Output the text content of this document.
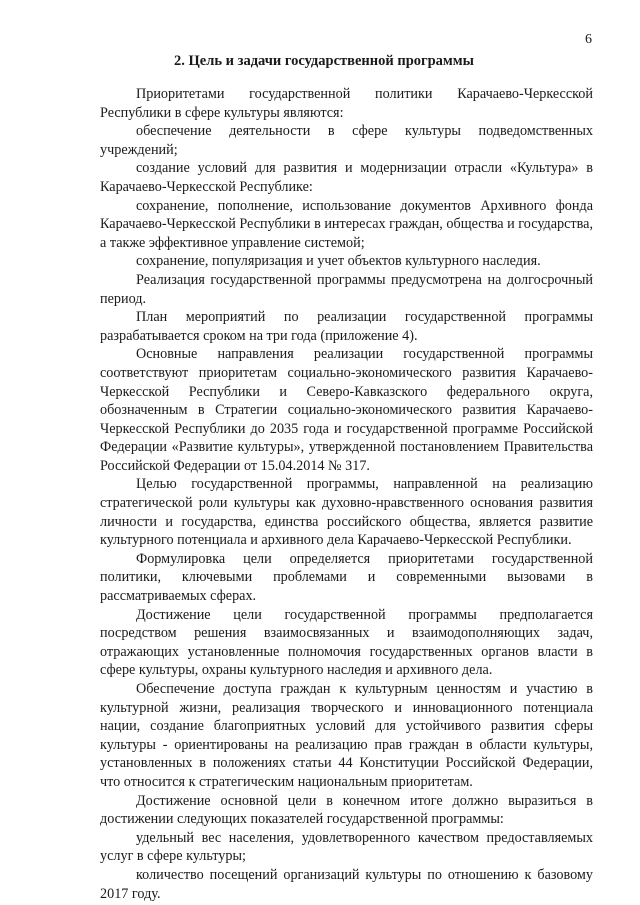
6
2. Цель и задачи государственной программы

Приоритетами государственной политики Карачаево-Черкесской Республики в сфере культуры являются:

обеспечение деятельности в сфере культуры подведомственных учреждений;

создание условий для развития и модернизации отрасли «Культура» в Карачаево-Черкесской Республике:

сохранение, пополнение, использование документов Архивного фонда Карачаево-Черкесской Республики в интересах граждан, общества и государства, а также эффективное управление системой;

сохранение, популяризация и учет объектов культурного наследия.

Реализация государственной программы предусмотрена на долгосрочный период.

План мероприятий по реализации государственной программы разрабатывается сроком на три года (приложение 4).

Основные направления реализации государственной программы соответствуют приоритетам социально-экономического развития Карачаево-Черкесской Республики и Северо-Кавказского федерального округа, обозначенным в Стратегии социально-экономического развития Карачаево-Черкесской Республики до 2035 года и государственной программе Российской Федерации «Развитие культуры», утвержденной постановлением Правительства Российской Федерации от 15.04.2014 № 317.

Целью государственной программы, направленной на реализацию стратегической роли культуры как духовно-нравственного основания развития личности и государства, единства российского общества, является развитие культурного потенциала и архивного дела Карачаево-Черкесской Республики.

Формулировка цели определяется приоритетами государственной политики, ключевыми проблемами и современными вызовами в рассматриваемых сферах.

Достижение цели государственной программы предполагается посредством решения взаимосвязанных и взаимодополняющих задач, отражающих установленные полномочия государственных органов власти в сфере культуры, охраны культурного наследия и архивного дела.

Обеспечение доступа граждан к культурным ценностям и участию в культурной жизни, реализация творческого и инновационного потенциала нации, создание благоприятных условий для устойчивого развития сферы культуры - ориентированы на реализацию прав граждан в области культуры, установленных в положениях статьи 44 Конституции Российской Федерации, что относится к стратегическим национальным приоритетам.

Достижение основной цели в конечном итоге должно выразиться в достижении следующих показателей государственной программы:

удельный вес населения, удовлетворенного качеством предоставляемых услуг в сфере культуры;

количество посещений организаций культуры по отношению к базовому 2017 году.
